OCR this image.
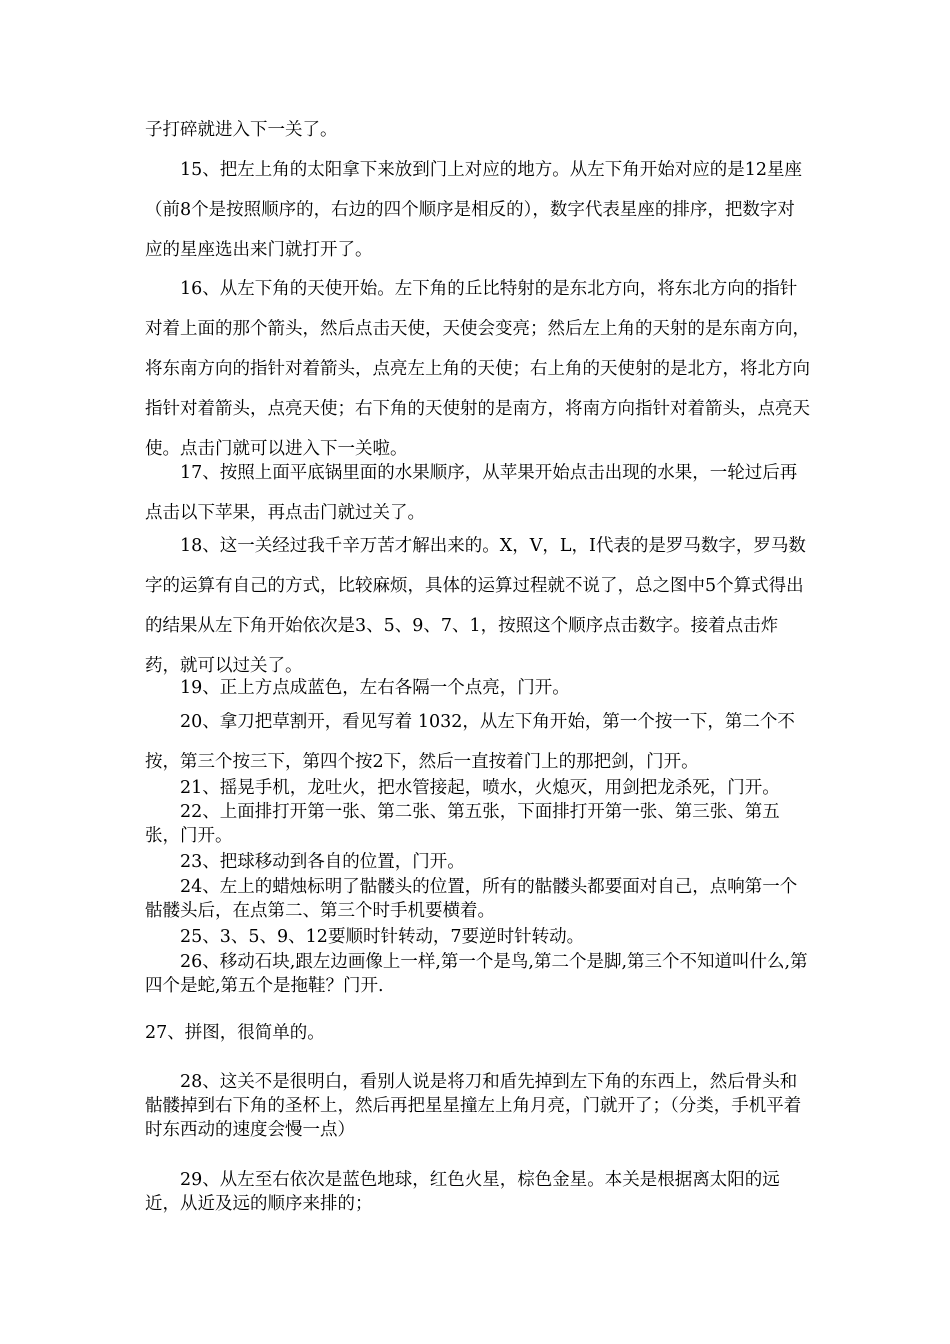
子打碎就进入下一关了。

15、把左上角的太阳拿下来放到门上对应的地方。从左下角开始对应的是12星座（前8个是按照顺序的，右边的四个顺序是相反的），数字代表星座的排序，把数字对应的星座选出来门就打开了。

16、从左下角的天使开始。左下角的丘比特射的是东北方向，将东北方向的指针对着上面的那个箭头，然后点击天使，天使会变亮；然后左上角的天射的是东南方向，将东南方向的指针对着箭头，点亮左上角的天使；右上角的天使射的是北方，将北方向指针对着箭头，点亮天使；右下角的天使射的是南方，将南方向指针对着箭头，点亮天使。点击门就可以进入下一关啦。

17、按照上面平底锅里面的水果顺序，从苹果开始点击出现的水果，一轮过后再点击以下苹果，再点击门就过关了。

18、这一关经过我千辛万苦才解出来的。X，V，L，I代表的是罗马数字，罗马数字的运算有自己的方式，比较麻烦，具体的运算过程就不说了，总之图中5个算式得出的结果从左下角开始依次是3、5、9、7、1，按照这个顺序点击数字。接着点击炸药，就可以过关了。

19、正上方点成蓝色，左右各隔一个点亮，门开。

20、拿刀把草割开，看见写着 1032，从左下角开始，第一个按一下，第二个不按，第三个按三下，第四个按2下，然后一直按着门上的那把剑，门开。

21、摇晃手机，龙吐火，把水管接起，喷水，火熄灭，用剑把龙杀死，门开。

22、上面排打开第一张、第二张、第五张，下面排打开第一张、第三张、第五张，门开。

23、把球移动到各自的位置，门开。

24、左上的蜡烛标明了骷髅头的位置，所有的骷髅头都要面对自己，点响第一个骷髅头后，在点第二、第三个时手机要横着。

25、3、5、9、12要顺时针转动，7要逆时针转动。

26、移动石块,跟左边画像上一样,第一个是鸟,第二个是脚,第三个不知道叫什么,第四个是蛇,第五个是拖鞋？门开.

27、拼图，很简单的。

28、这关不是很明白，看别人说是将刀和盾先掉到左下角的东西上，然后骨头和骷髅掉到右下角的圣杯上，然后再把星星撞左上角月亮，门就开了；（分类，手机平着时东西动的速度会慢一点）

29、从左至右依次是蓝色地球，红色火星，棕色金星。本关是根据离太阳的远近，从近及远的顺序来排的；
